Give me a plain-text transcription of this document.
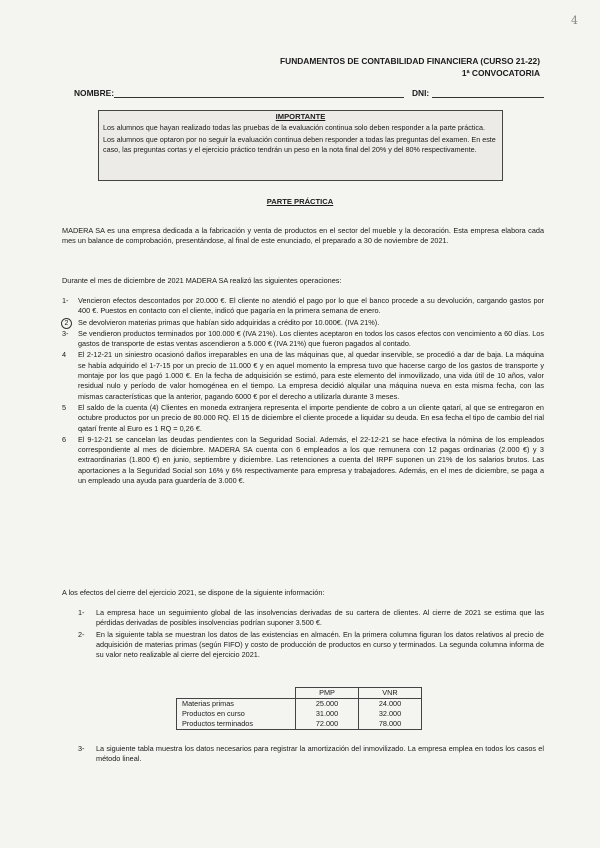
4
FUNDAMENTOS DE CONTABILIDAD FINANCIERA (CURSO 21-22)
1ª CONVOCATORIA
NOMBRE:	DNI:
IMPORTANTE

Los alumnos que hayan realizado todas las pruebas de la evaluación continua solo deben responder a la parte práctica.

Los alumnos que optaron por no seguir la evaluación continua deben responder a todas las preguntas del examen. En este caso, las preguntas cortas y el ejercicio práctico tendrán un peso en la nota final del 20% y del 80% respectivamente.

PARTE PRÁCTICA

MADERA SA es una empresa dedicada a la fabricación y venta de productos en el sector del mueble y la decoración. Esta empresa elabora cada mes un balance de comprobación, presentándose, al final de este enunciado, el preparado a 30 de noviembre de 2021.

Durante el mes de diciembre de 2021 MADERA SA realizó las siguientes operaciones:

1- Vencieron efectos descontados por 20.000 €. El cliente no atendió el pago por lo que el banco procede a su devolución, cargando gastos por 400 €. Puestos en contacto con el cliente, indicó que pagaría en la primera semana de enero.
2	Se devolvieron materias primas que habían sido adquiridas a crédito por 10.000€. (IVA 21%).
3- Se vendieron productos terminados por 100.000 € (IVA 21%). Los clientes aceptaron en todos los casos efectos con vencimiento a 60 días. Los gastos de transporte de estas ventas ascendieron a 5.000 € (IVA 21%) que fueron pagados al contado.
4 El 2-12-21 un siniestro ocasionó daños irreparables en una de las máquinas que, al quedar inservible, se procedió a dar de baja. La máquina se había adquirido el 1-7-15 por un precio de 11.000 € y en aquel momento la empresa tuvo que hacerse cargo de los gastos de transporte y montaje por los que pagó 1.000 €. En la fecha de adquisición se estimó, para este elemento del inmovilizado, una vida útil de 10 años, valor residual nulo y período de valor homogénea en el tiempo. La empresa decidió alquilar una máquina nueva en esta misma fecha, con las mismas características que la anterior, pagando 6000 € por el derecho a utilizarla durante 3 meses.
5 El saldo de la cuenta (4) Clientes en moneda extranjera representa el importe pendiente de cobro a un cliente qatarí, al que se entregaron en octubre productos por un precio de 80.000 RQ. El 15 de diciembre el cliente procede a liquidar su deuda. En esa fecha el tipo de cambio del rial qatarí frente al Euro es 1 RQ = 0,26 €.
6 El 9-12-21 se cancelan las deudas pendientes con la Seguridad Social. Además, el 22-12-21 se hace efectiva la nómina de los empleados correspondiente al mes de diciembre. MADERA SA cuenta con 6 empleados a los que remunera con 12 pagas ordinarias (2.000 €) y 3 extraordinarias (1.800 €) en junio, septiembre y diciembre. Las retenciones a cuenta del IRPF suponen un 21% de los salarios brutos. Las aportaciones a la Seguridad Social son 16% y 6% respectivamente para empresa y trabajadores. Además, en el mes de diciembre, se paga a un empleado una ayuda para guardería de 3.000 €.

A los efectos del cierre del ejercicio 2021, se dispone de la siguiente información:

1- La empresa hace un seguimiento global de las insolvencias derivadas de su cartera de clientes. Al cierre de 2021 se estima que las pérdidas derivadas de posibles insolvencias podrían suponer 3.500 €.
2- En la siguiente tabla se muestran los datos de las existencias en almacén. En la primera columna figuran los datos relativos al precio de adquisición de materias primas (según FIFO) y costo de producción de productos en curso y terminados. La segunda columna informa de su valor neto realizable al cierre del ejercicio 2021.
	PMP	VNR
Materias primas	25.000	24.000
Productos en curso	31.000	32.000
Productos terminados	72.000	78.000
3- La siguiente tabla muestra los datos necesarios para registrar la amortización del inmovilizado. La empresa emplea en todos los casos el método lineal.
